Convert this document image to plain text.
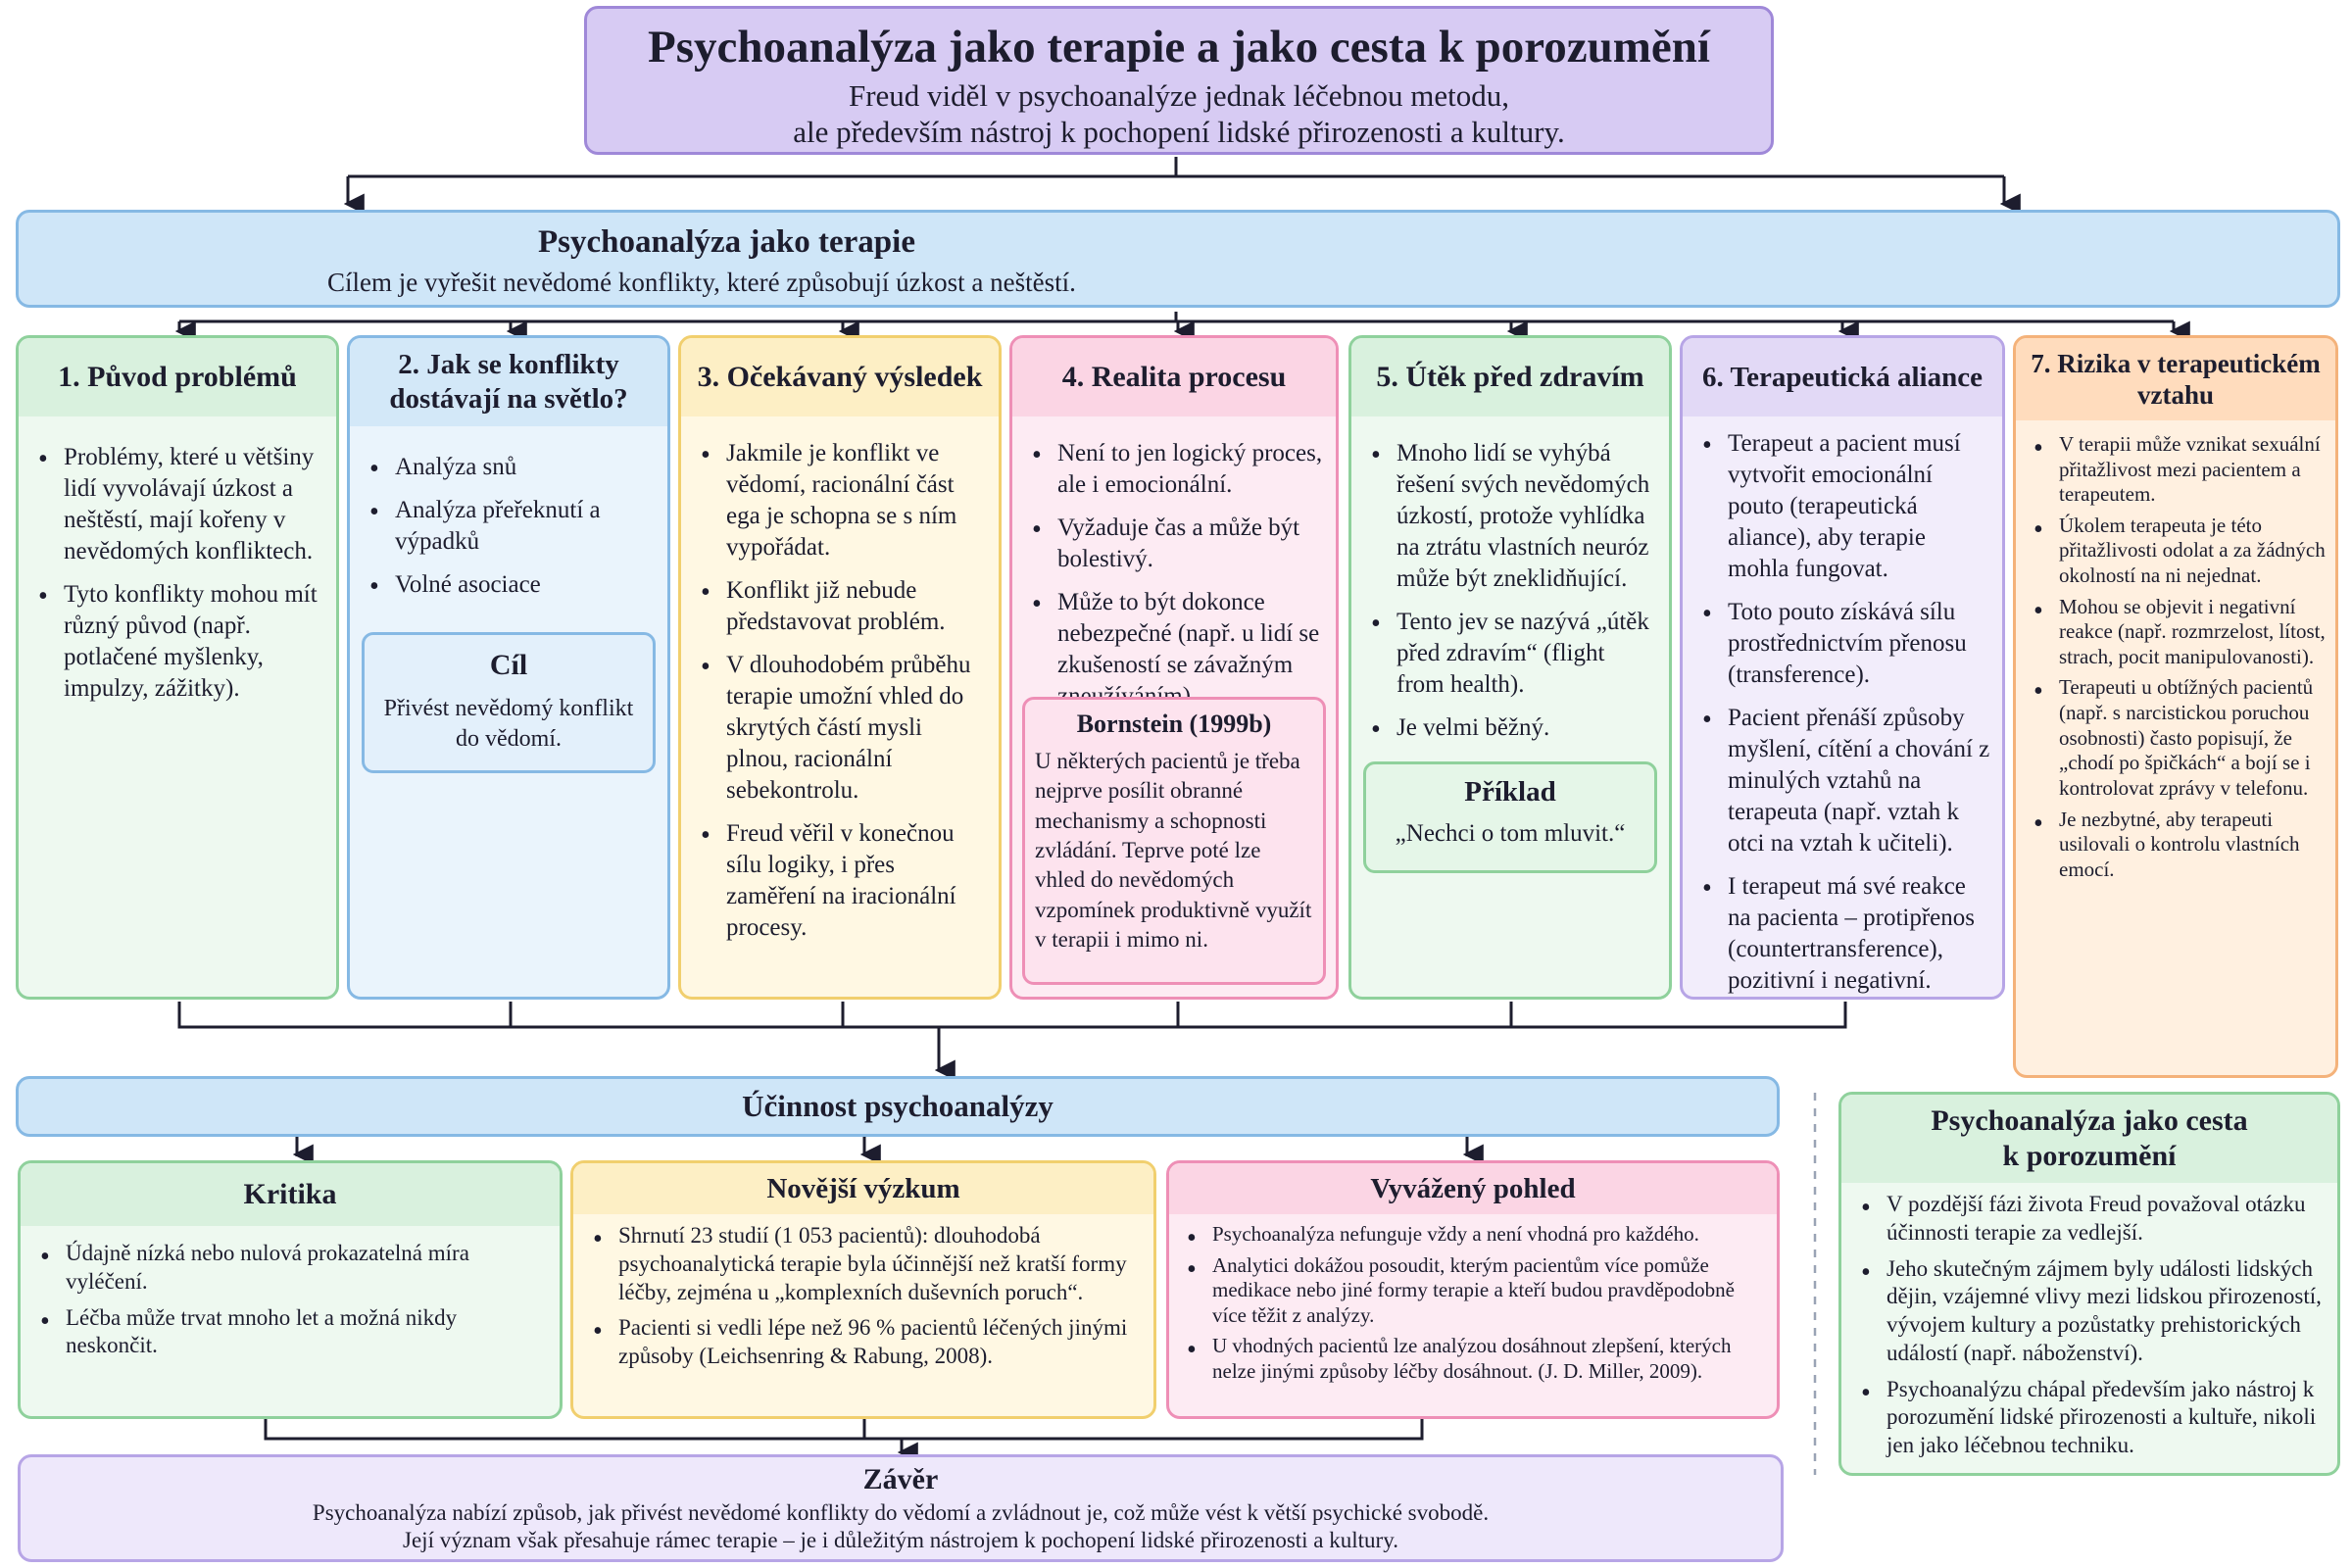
Psychoanalýza jako terapie a jako cesta k porozumění
Freud viděl v psychoanalýze jednak léčebnou metodu,
ale především nástroj k pochopení lidské přirozenosti a kultury.
Psychoanalýza jako terapie
Cílem je vyřešit nevědomé konflikty, které způsobují úzkost a neštěstí.
1. Původ problémů
• Problémy, které u většiny lidí vyvolávají úzkost a neštěstí, mají kořeny v nevědomých konfliktech.
• Tyto konflikty mohou mít různý původ (např. potlačené myšlenky, impulzy, zážitky).
2. Jak se konflikty dostávají na světlo?
• Analýza snů
• Analýza přeřeknutí a výpadků
• Volné asociace
Cíl
Přivést nevědomý konflikt do vědomí.
3. Očekávaný výsledek
• Jakmile je konflikt ve vědomí, racionální část ega je schopna se s ním vypořádat.
• Konflikt již nebude představovat problém.
• V dlouhodobém průběhu terapie umožní vhled do skrytých částí mysli plnou, racionální sebekontrolu.
• Freud věřil v konečnou sílu logiky, i přes zaměření na iracionální procesy.
4. Realita procesu
• Není to jen logický proces, ale i emocionální.
• Vyžaduje čas a může být bolestivý.
• Může to být dokonce nebezpečné (např. u lidí se zkušeností se závažným
Bornstein (1999b)
U některých pacientů je třeba nejprve posílit obranné mechanismy a schopnosti zvládání. Teprve poté lze vhled do nevědomých vzpomínek produktivně využít v terapii i mimo ni.
5. Útěk před zdravím
• Mnoho lidí se vyhýbá řešení svých nevědomých úzkostí, protože vyhlídka na ztrátu vlastních neuróz může být zneklidňující.
• Tento jev se nazývá „útěk před zdravím“ (flight from health).
• Je velmi běžný.
Příklad
„Nechci o tom mluvit.“
6. Terapeutická aliance
• Terapeut a pacient musí vytvořit emocionální pouto (terapeutická aliance), aby terapie mohla fungovat.
• Toto pouto získává sílu prostřednictvím přenosu (transference).
• Pacient přenáší způsoby myšlení, cítění a chování z minulých vztahů na terapeuta (např. vztah k otci na vztah k učiteli).
• I terapeut má své reakce na pacienta – protipřenos (countertransference), pozitivní i negativní.
7. Rizika v terapeutickém vztahu
• V terapii může vznikat sexuální přitažlivost mezi pacientem a terapeutem.
• Úkolem terapeuta je této přitažlivosti odolat a za žádných okolností na ni nejednat.
• Mohou se objevit i negativní reakce (např. rozmrzelost, lítost, strach, pocit manipulovanosti).
• Terapeuti u obtížných pacientů (např. s narcistickou poruchou osobnosti) často popisují, že „chodí po špičkách“ a bojí se i kontrolovat zprávy v telefonu.
• Je nezbytné, aby terapeuti usilovali o kontrolu vlastních emocí.
Účinnost psychoanalýzy
Kritika
• Údajně nízká nebo nulová prokazatelná míra vyléčení.
• Léčba může trvat mnoho let a možná nikdy neskončit.
Novější výzkum
• Shrnutí 23 studií (1 053 pacientů): dlouhodobá psychoanalytická terapie byla účinnější než kratší formy léčby, zejména u „komplexních duševních poruch“.
• Pacienti si vedli lépe než 96 % pacientů léčených jinými způsoby (Leichsenring & Rabung, 2008).
Vyvážený pohled
• Psychoanalýza nefunguje vždy a není vhodná pro každého.
• Analytici dokážou posoudit, kterým pacientům více pomůže medikace nebo jiné formy terapie a kteří budou pravděpodobně více těžit z analýzy.
• U vhodných pacientů lze analýzou dosáhnout zlepšení, kterých nelze jinými způsoby léčby dosáhnout. (J. D. Miller, 2009).
Závěr
Psychoanalýza nabízí způsob, jak přivést nevědomé konflikty do vědomí a zvládnout je, což může vést k větší psychické svobodě.
Její význam však přesahuje rámec terapie – je i důležitým nástrojem k pochopení lidské přirozenosti a kultury.
Psychoanalýza jako cesta
k porozumění
• V pozdější fázi života Freud považoval otázku účinnosti terapie za vedlejší.
• Jeho skutečným zájmem byly události lidských dějin, vzájemné vlivy mezi lidskou přirozeností, vývojem kultury a pozůstatky prehistorických událostí (např. náboženství).
• Psychoanalýzu chápal především jako nástroj k porozumění lidské přirozenosti a kultuře, nikoli jen jako léčebnou techniku.
